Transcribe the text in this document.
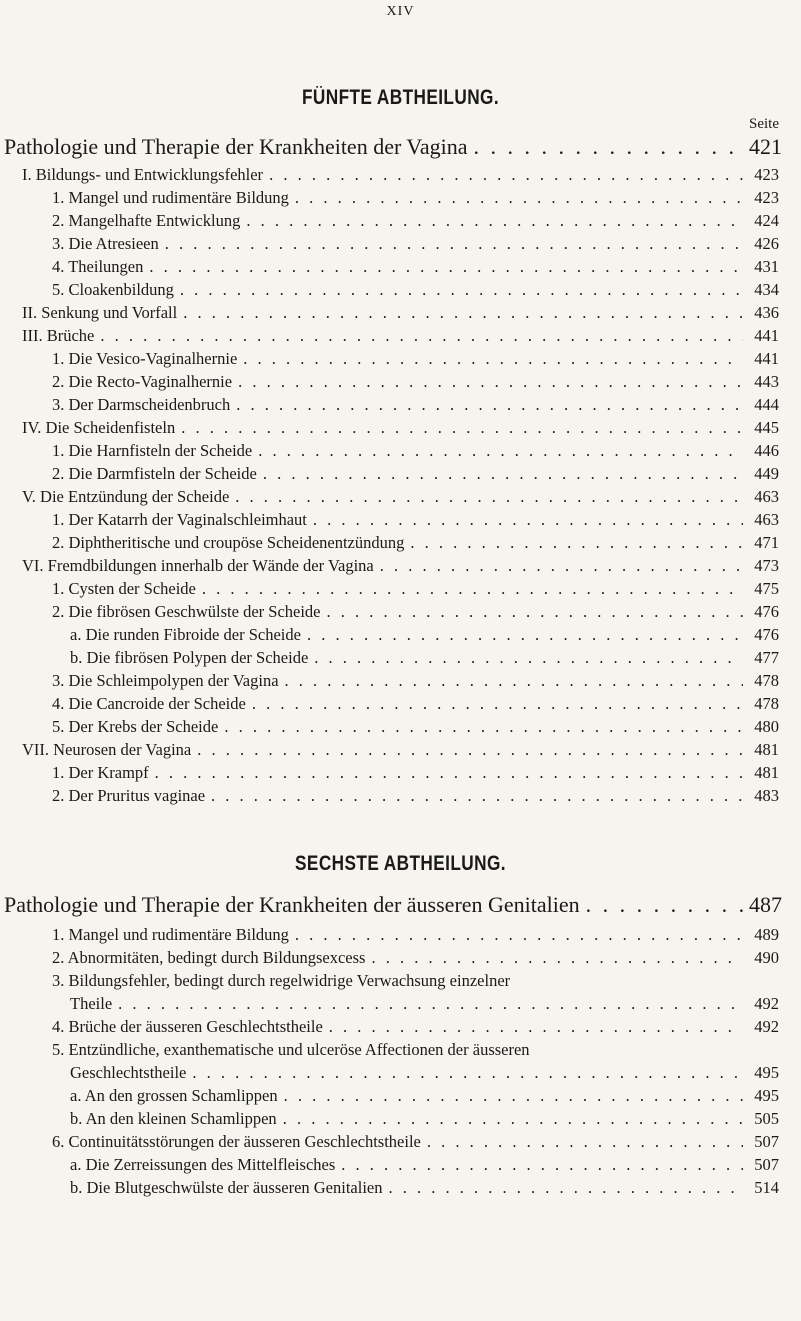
XIV
FÜNFTE ABTHEILUNG.
Seite
Pathologie und Therapie der Krankheiten der Vagina . . .	421
I. Bildungs- und Entwicklungsfehler . . .	423
1. Mangel und rudimentäre Bildung . . .	423
2. Mangelhafte Entwicklung . . .	424
3. Die Atresieen . . .	426
4. Theilungen . . .	431
5. Cloakenbildung . . .	434
II. Senkung und Vorfall . . .	436
III. Brüche . . .	441
1. Die Vesico-Vaginalhernie . . .	441
2. Die Recto-Vaginalhernie . . .	443
3. Der Darmscheidenbruch . . .	444
IV. Die Scheidenfisteln . . .	445
1. Die Harnfisteln der Scheide . . .	446
2. Die Darmfisteln der Scheide . . .	449
V. Die Entzündung der Scheide . . .	463
1. Der Katarrh der Vaginalschleimhaut . . .	463
2. Diphtheritische und croupöse Scheidenentzündung . . .	471
VI. Fremdbildungen innerhalb der Wände der Vagina . . .	473
1. Cysten der Scheide . . .	475
2. Die fibrösen Geschwülste der Scheide . . .	476
a. Die runden Fibroide der Scheide . . .	476
b. Die fibrösen Polypen der Scheide . . .	477
3. Die Schleimpolypen der Vagina . . .	478
4. Die Cancroide der Scheide . . .	478
5. Der Krebs der Scheide . . .	480
VII. Neurosen der Vagina . . .	481
1. Der Krampf . . .	481
2. Der Pruritus vaginae . . .	483
SECHSTE ABTHEILUNG.
Pathologie und Therapie der Krankheiten der äusseren Genitalien . . .	487
1. Mangel und rudimentäre Bildung . . .	489
2. Abnormitäten, bedingt durch Bildungsexcess . . .	490
3. Bildungsfehler, bedingt durch regelwidrige Verwachsung einzelner
Theile . . .	492
4. Brüche der äusseren Geschlechtstheile . . .	492
5. Entzündliche, exanthematische und ulceröse Affectionen der äusseren
Geschlechtstheile . . .	495
a. An den grossen Schamlippen . . .	495
b. An den kleinen Schamlippen . . .	505
6. Continuitätsstörungen der äusseren Geschlechtstheile . . .	507
a. Die Zerreissungen des Mittelfleisches . . .	507
b. Die Blutgeschwülste der äusseren Genitalien . . .	514
